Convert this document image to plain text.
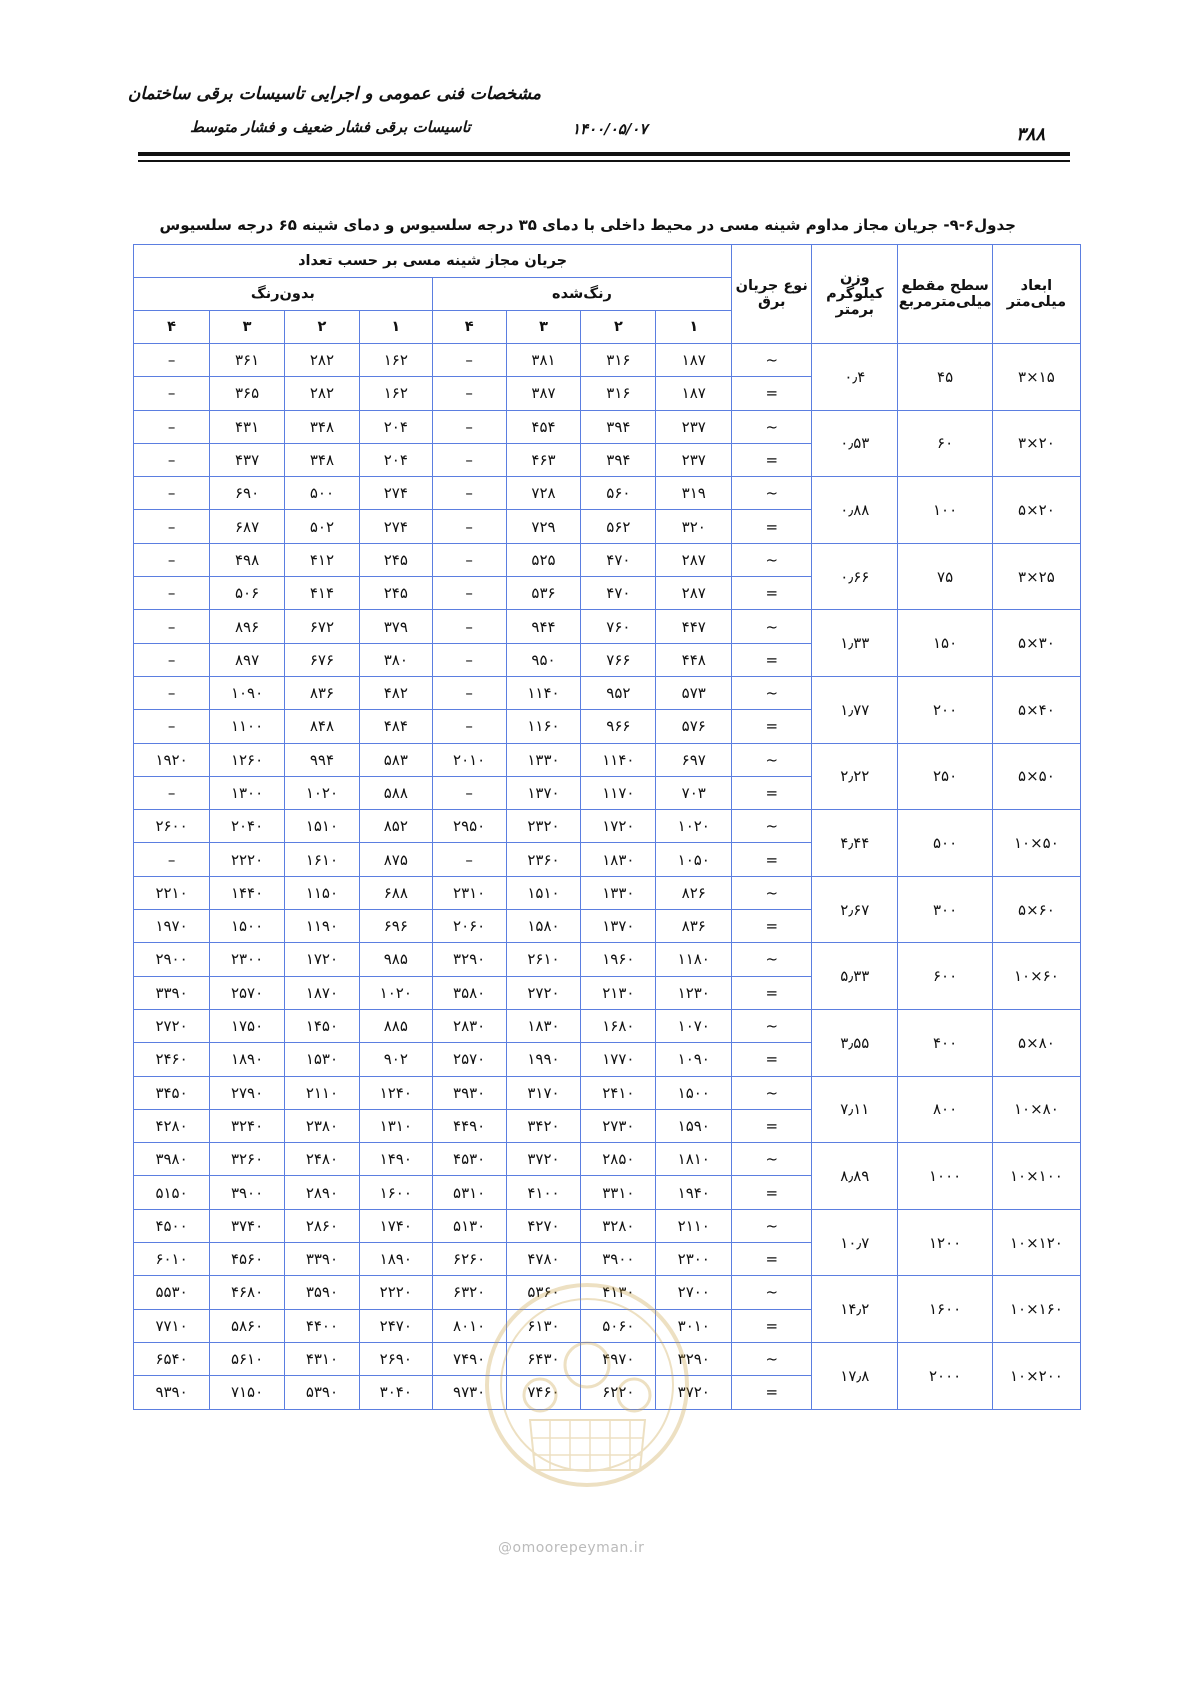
مشخصات فنی عمومی و اجرایی تاسیسات برقی ساختمان
تاسیسات برقی فشار ضعیف و فشار متوسط	۱۴۰۰/۰۵/۰۷	۳۸۸
جدول۶-۹- جریان مجاز مداوم شینه مسی در محیط داخلی با دمای ۳۵ درجه سلسیوس و دمای شینه ۶۵ درجه سلسیوس
ابعاد میلی‌متر	سطح مقطع میلی‌مترمربع	وزن کیلوگرم برمتر	نوع جریان برق	جریان مجاز شینه مسی بر حسب تعداد							
				رنگ‌شده				بدون‌رنگ			
				۱	۲	۳	۴	۱	۲	۳	۴
۱۵×۳	۴۵	۰٫۴	~	۱۸۷	۳۱۶	۳۸۱	–	۱۶۲	۲۸۲	۳۶۱	–
			=	۱۸۷	۳۱۶	۳۸۷	–	۱۶۲	۲۸۲	۳۶۵	–
۲۰×۳	۶۰	۰٫۵۳	~	۲۳۷	۳۹۴	۴۵۴	–	۲۰۴	۳۴۸	۴۳۱	–
			=	۲۳۷	۳۹۴	۴۶۳	–	۲۰۴	۳۴۸	۴۳۷	–
۲۰×۵	۱۰۰	۰٫۸۸	~	۳۱۹	۵۶۰	۷۲۸	–	۲۷۴	۵۰۰	۶۹۰	–
			=	۳۲۰	۵۶۲	۷۲۹	–	۲۷۴	۵۰۲	۶۸۷	–
۲۵×۳	۷۵	۰٫۶۶	~	۲۸۷	۴۷۰	۵۲۵	–	۲۴۵	۴۱۲	۴۹۸	–
			=	۲۸۷	۴۷۰	۵۳۶	–	۲۴۵	۴۱۴	۵۰۶	–
۳۰×۵	۱۵۰	۱٫۳۳	~	۴۴۷	۷۶۰	۹۴۴	–	۳۷۹	۶۷۲	۸۹۶	–
			=	۴۴۸	۷۶۶	۹۵۰	–	۳۸۰	۶۷۶	۸۹۷	–
۴۰×۵	۲۰۰	۱٫۷۷	~	۵۷۳	۹۵۲	۱۱۴۰	–	۴۸۲	۸۳۶	۱۰۹۰	–
			=	۵۷۶	۹۶۶	۱۱۶۰	–	۴۸۴	۸۴۸	۱۱۰۰	–
۵۰×۵	۲۵۰	۲٫۲۲	~	۶۹۷	۱۱۴۰	۱۳۳۰	۲۰۱۰	۵۸۳	۹۹۴	۱۲۶۰	۱۹۲۰
			=	۷۰۳	۱۱۷۰	۱۳۷۰	–	۵۸۸	۱۰۲۰	۱۳۰۰	–
۵۰×۱۰	۵۰۰	۴٫۴۴	~	۱۰۲۰	۱۷۲۰	۲۳۲۰	۲۹۵۰	۸۵۲	۱۵۱۰	۲۰۴۰	۲۶۰۰
			=	۱۰۵۰	۱۸۳۰	۲۳۶۰	–	۸۷۵	۱۶۱۰	۲۲۲۰	–
۶۰×۵	۳۰۰	۲٫۶۷	~	۸۲۶	۱۳۳۰	۱۵۱۰	۲۳۱۰	۶۸۸	۱۱۵۰	۱۴۴۰	۲۲۱۰
			=	۸۳۶	۱۳۷۰	۱۵۸۰	۲۰۶۰	۶۹۶	۱۱۹۰	۱۵۰۰	۱۹۷۰
۶۰×۱۰	۶۰۰	۵٫۳۳	~	۱۱۸۰	۱۹۶۰	۲۶۱۰	۳۲۹۰	۹۸۵	۱۷۲۰	۲۳۰۰	۲۹۰۰
			=	۱۲۳۰	۲۱۳۰	۲۷۲۰	۳۵۸۰	۱۰۲۰	۱۸۷۰	۲۵۷۰	۳۳۹۰
۸۰×۵	۴۰۰	۳٫۵۵	~	۱۰۷۰	۱۶۸۰	۱۸۳۰	۲۸۳۰	۸۸۵	۱۴۵۰	۱۷۵۰	۲۷۲۰
			=	۱۰۹۰	۱۷۷۰	۱۹۹۰	۲۵۷۰	۹۰۲	۱۵۳۰	۱۸۹۰	۲۴۶۰
۸۰×۱۰	۸۰۰	۷٫۱۱	~	۱۵۰۰	۲۴۱۰	۳۱۷۰	۳۹۳۰	۱۲۴۰	۲۱۱۰	۲۷۹۰	۳۴۵۰
			=	۱۵۹۰	۲۷۳۰	۳۴۲۰	۴۴۹۰	۱۳۱۰	۲۳۸۰	۳۲۴۰	۴۲۸۰
۱۰۰×۱۰	۱۰۰۰	۸٫۸۹	~	۱۸۱۰	۲۸۵۰	۳۷۲۰	۴۵۳۰	۱۴۹۰	۲۴۸۰	۳۲۶۰	۳۹۸۰
			=	۱۹۴۰	۳۳۱۰	۴۱۰۰	۵۳۱۰	۱۶۰۰	۲۸۹۰	۳۹۰۰	۵۱۵۰
۱۲۰×۱۰	۱۲۰۰	۱۰٫۷	~	۲۱۱۰	۳۲۸۰	۴۲۷۰	۵۱۳۰	۱۷۴۰	۲۸۶۰	۳۷۴۰	۴۵۰۰
			=	۲۳۰۰	۳۹۰۰	۴۷۸۰	۶۲۶۰	۱۸۹۰	۳۳۹۰	۴۵۶۰	۶۰۱۰
۱۶۰×۱۰	۱۶۰۰	۱۴٫۲	~	۲۷۰۰	۴۱۳۰	۵۳۶۰	۶۳۲۰	۲۲۲۰	۳۵۹۰	۴۶۸۰	۵۵۳۰
			=	۳۰۱۰	۵۰۶۰	۶۱۳۰	۸۰۱۰	۲۴۷۰	۴۴۰۰	۵۸۶۰	۷۷۱۰
۲۰۰×۱۰	۲۰۰۰	۱۷٫۸	~	۳۲۹۰	۴۹۷۰	۶۴۳۰	۷۴۹۰	۲۶۹۰	۴۳۱۰	۵۶۱۰	۶۵۴۰
			=	۳۷۲۰	۶۲۲۰	۷۴۶۰	۹۷۳۰	۳۰۴۰	۵۳۹۰	۷۱۵۰	۹۳۹۰
@omoorepeyman.ir
